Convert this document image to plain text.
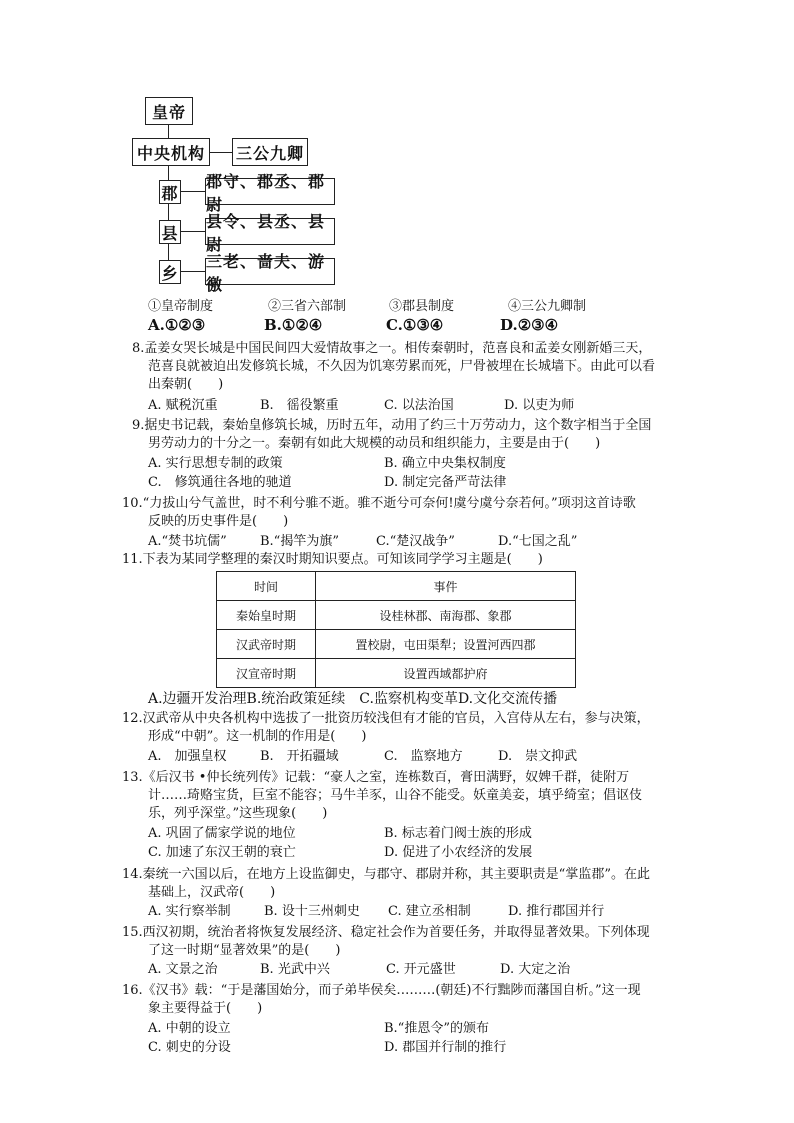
皇帝
中央机构	三公九卿
郡
郡守、郡丞、郡尉
县
县令、县丞、县尉
乡
三老、啬夫、游徼
①皇帝制度	②三省六部制	③郡县制度	④三公九卿制
A.①②③	B.①②④	C.①③④	D.②③④
8.孟姜女哭长城是中国民间四大爱情故事之一。相传秦朝时，范喜良和孟姜女刚新婚三天，
范喜良就被迫出发修筑长城，不久因为饥寒劳累而死，尸骨被埋在长城墙下。由此可以看
出秦朝(　　)
A. 赋税沉重	B.　徭役繁重	C. 以法治国	D. 以吏为师
9.据史书记载，秦始皇修筑长城，历时五年，动用了约三十万劳动力，这个数字相当于全国
男劳动力的十分之一。秦朝有如此大规模的动员和组织能力，主要是由于(　　)
A. 实行思想专制的政策	B. 确立中央集权制度
C.　修筑通往各地的驰道	D. 制定完备严苛法律
10.“力拔山兮气盖世，时不利兮骓不逝。骓不逝兮可奈何!虞兮虞兮奈若何。”项羽这首诗歌
反映的历史事件是(　　)
A.“焚书坑儒”	B.“揭竿为旗”	C.“楚汉战争”	D.“七国之乱”
11.下表为某同学整理的秦汉时期知识要点。可知该同学学习主题是(　　)
时间	事件
秦始皇时期	设桂林郡、南海郡、象郡
汉武帝时期	置校尉，屯田渠犁；设置河西四郡
汉宣帝时期	设置西域都护府
A.边疆开发治理B.统治政策延续　C.监察机构变革D.文化交流传播
12.汉武帝从中央各机构中选拔了一批资历较浅但有才能的官员，入宫侍从左右，参与决策，
形成“中朝”。这一机制的作用是(　　)
A.　加强皇权	B.　开拓疆域	C.　监察地方	D.　崇文抑武
13.《后汉书 •仲长统列传》记载：“豪人之室，连栋数百，膏田满野，奴婢千群，徒附万
计……琦赂宝货，巨室不能容；马牛羊豕，山谷不能受。妖童美妾，填乎绮室；倡讴伎
乐，列乎深堂。”这些现象(　　)
A. 巩固了儒家学说的地位	B. 标志着门阀士族的形成
C. 加速了东汉王朝的衰亡	D. 促进了小农经济的发展
14.秦统一六国以后，在地方上设监御史，与郡守、郡尉并称，其主要职责是“掌监郡”。在此
基础上，汉武帝(　　)
A. 实行察举制	B. 设十三州刺史 C. 建立丞相制	D. 推行郡国并行
15.西汉初期，统治者将恢复发展经济、稳定社会作为首要任务，并取得显著效果。下列体现
了这一时期“显著效果”的是(　　)
A. 文景之治	B. 光武中兴	C. 开元盛世	D. 大定之治
16.《汉书》载：“于是藩国始分，而子弟毕侯矣………(朝廷)不行黜陟而藩国自析。”这一现
象主要得益于(　　)
A. 中朝的设立	B.“推恩令”的颁布
C. 刺史的分设	D. 郡国并行制的推行
